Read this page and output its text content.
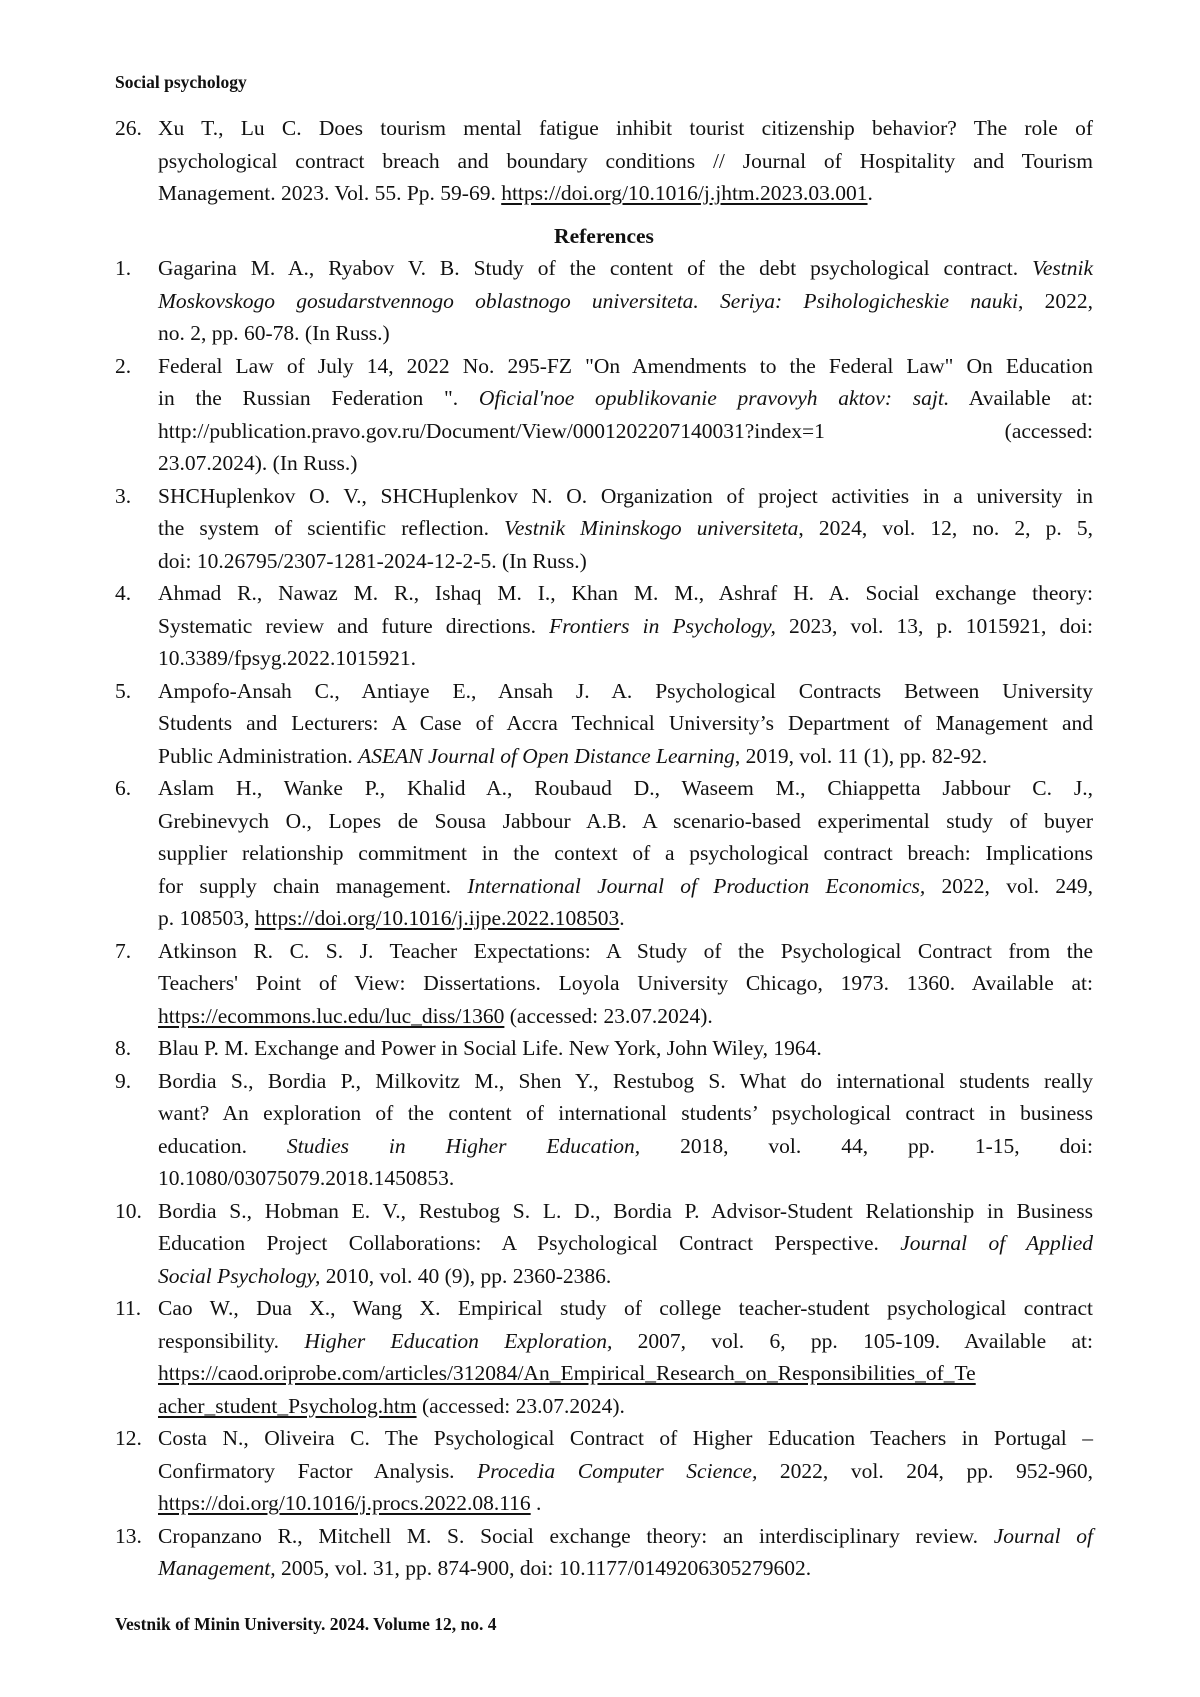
Social psychology
26. Xu T., Lu C. Does tourism mental fatigue inhibit tourist citizenship behavior? The role of
psychological contract breach and boundary conditions // Journal of Hospitality and Tourism
Management. 2023. Vol. 55. Pp. 59-69. https://doi.org/10.1016/j.jhtm.2023.03.001.
References
1.	Gagarina M. A., Ryabov V. B. Study of the content of the debt psychological contract. Vestnik
Moskovskogo gosudarstvennogo oblastnogo universiteta. Seriya: Psihologicheskie nauki, 2022,
no. 2, pp. 60-78. (In Russ.)
2.	Federal Law of July 14, 2022 No. 295-FZ "On Amendments to the Federal Law" On Education
in the Russian Federation ". Oficial'noe opublikovanie pravovyh aktov: sajt. Available at:
http://publication.pravo.gov.ru/Document/View/0001202207140031?index=1 (accessed:
23.07.2024). (In Russ.)
3.	SHCHuplenkov O. V., SHCHuplenkov N. O. Organization of project activities in a university in
the system of scientific reflection. Vestnik Mininskogo universiteta, 2024, vol. 12, no. 2, p. 5,
doi: 10.26795/2307-1281-2024-12-2-5. (In Russ.)
4.	Ahmad R., Nawaz M. R., Ishaq M. I., Khan M. M., Ashraf H. A. Social exchange theory:
Systematic review and future directions. Frontiers in Psychology, 2023, vol. 13, p. 1015921, doi:
10.3389/fpsyg.2022.1015921.
5.	Ampofo-Ansah C., Antiaye E., Ansah J. A. Psychological Contracts Between University
Students and Lecturers: A Case of Accra Technical University’s Department of Management and
Public Administration. ASEAN Journal of Open Distance Learning, 2019, vol. 11 (1), pp. 82-92.
6.	Aslam H., Wanke P., Khalid A., Roubaud D., Waseem M., Chiappetta Jabbour C. J.,
Grebinevych O., Lopes de Sousa Jabbour A.B. A scenario-based experimental study of buyer
supplier relationship commitment in the context of a psychological contract breach: Implications
for supply chain management. International Journal of Production Economics, 2022, vol. 249,
p. 108503, https://doi.org/10.1016/j.ijpe.2022.108503.
7.	Atkinson R. C. S. J. Teacher Expectations: A Study of the Psychological Contract from the
Teachers' Point of View: Dissertations. Loyola University Chicago, 1973. 1360. Available at:
https://ecommons.luc.edu/luc_diss/1360 (accessed: 23.07.2024).
8.	Blau P. M. Exchange and Power in Social Life. New York, John Wiley, 1964.
9.	Bordia S., Bordia P., Milkovitz M., Shen Y., Restubog S. What do international students really
want? An exploration of the content of international students’ psychological contract in business
education. Studies in Higher Education, 2018, vol. 44, pp. 1-15, doi:
10.1080/03075079.2018.1450853.
10. Bordia S., Hobman E. V., Restubog S. L. D., Bordia P. Advisor-Student Relationship in Business
Education Project Collaborations: A Psychological Contract Perspective. Journal of Applied
Social Psychology, 2010, vol. 40 (9), pp. 2360-2386.
11. Cao W., Dua X., Wang X. Empirical study of college teacher-student psychological contract
responsibility. Higher Education Exploration, 2007, vol. 6, pp. 105-109. Available at:
https://caod.oriprobe.com/articles/312084/An_Empirical_Research_on_Responsibilities_of_Te
acher_student_Psycholog.htm (accessed: 23.07.2024).
12. Costa N., Oliveira C. The Psychological Contract of Higher Education Teachers in Portugal –
Confirmatory Factor Analysis. Procedia Computer Science, 2022, vol. 204, pp. 952-960,
https://doi.org/10.1016/j.procs.2022.08.116 .
13. Cropanzano R., Mitchell M. S. Social exchange theory: an interdisciplinary review. Journal of
Management, 2005, vol. 31, pp. 874-900, doi: 10.1177/0149206305279602.
Vestnik of Minin University. 2024. Volume 12, no. 4
